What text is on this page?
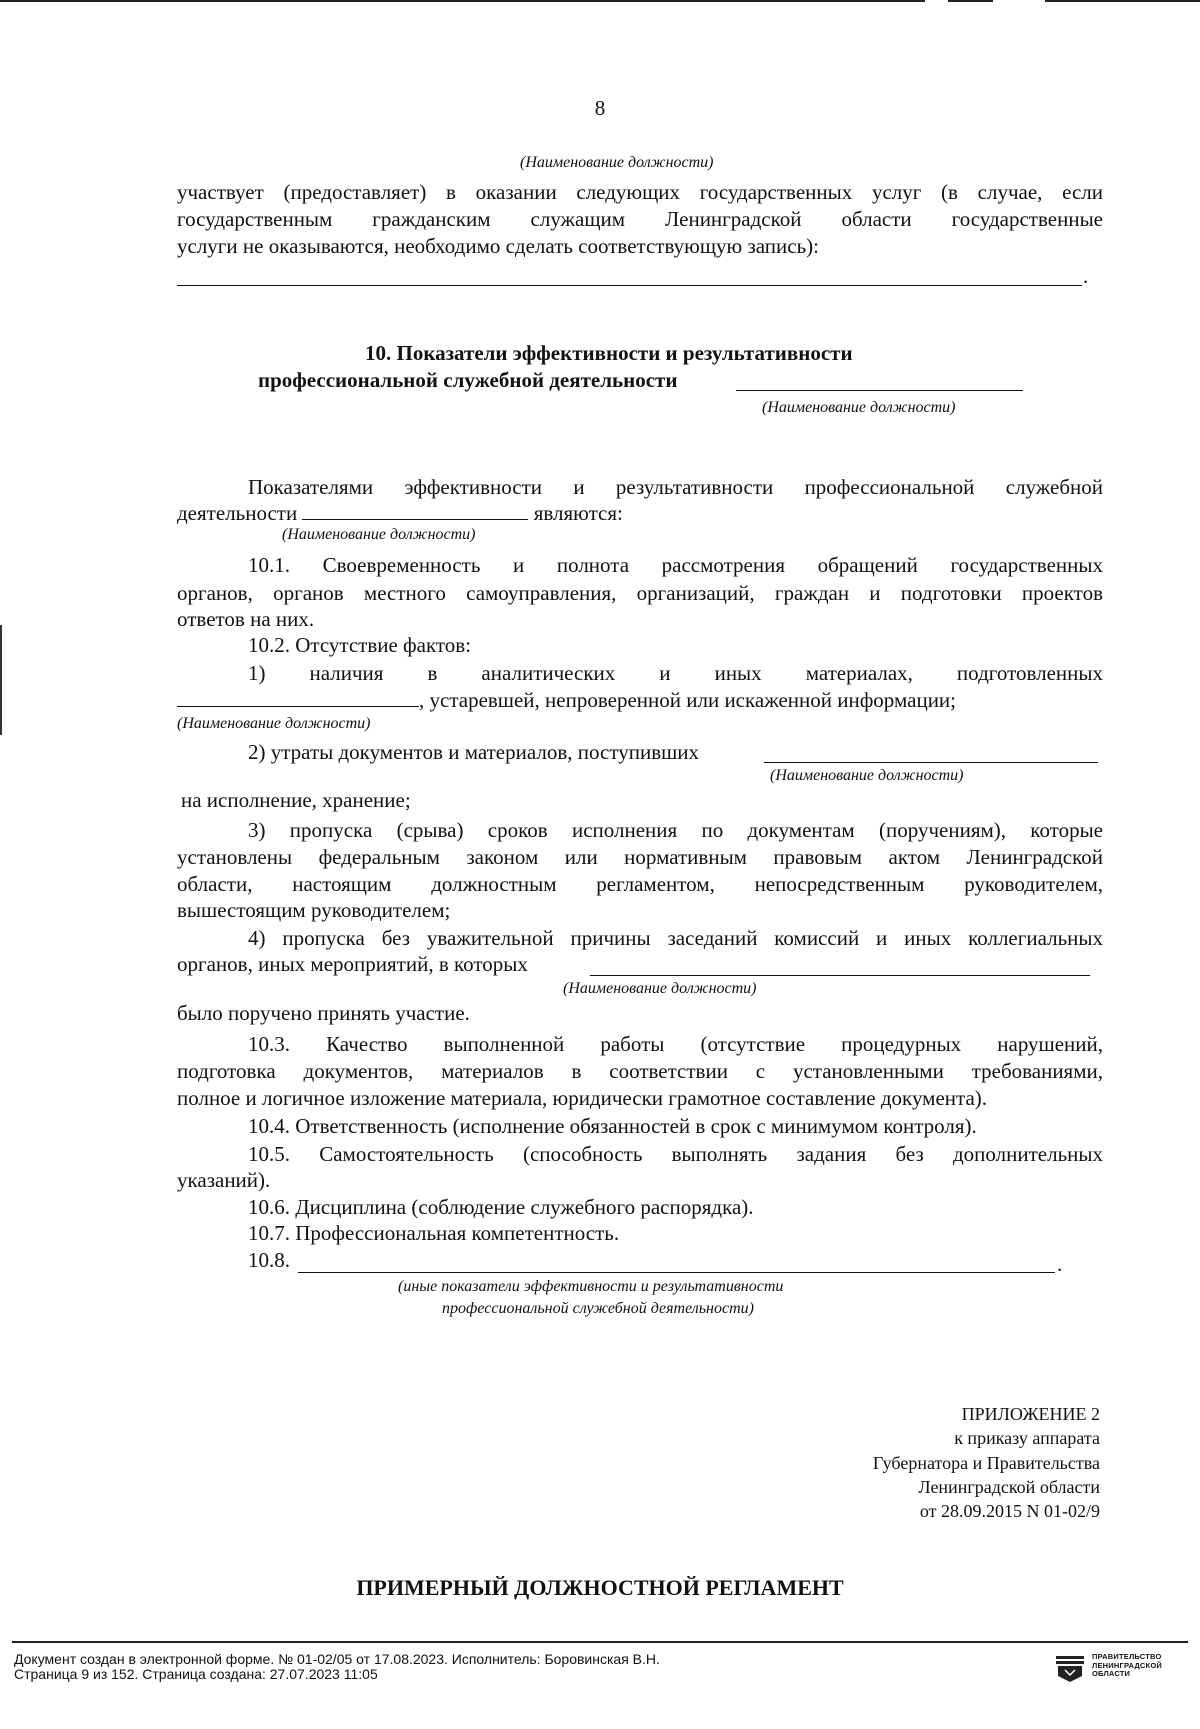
8
(Наименование должности)
участвует (предоставляет) в оказании следующих государственных услуг (в случае, если
государственным гражданским служащим Ленинградской области государственные
услуги не оказываются, необходимо сделать соответствующую запись):
.
10. Показатели эффективности и результативности
профессиональной служебной деятельности
(Наименование должности)
Показателями эффективности и результативности профессиональной служебной
деятельности	являются:
(Наименование должности)
10.1. Своевременность и полнота рассмотрения обращений государственных
органов, органов местного самоуправления, организаций, граждан и подготовки проектов
ответов на них.
10.2. Отсутствие фактов:
1) наличия в аналитических и иных материалах, подготовленных
, устаревшей, непроверенной или искаженной информации;
(Наименование должности)
2) утраты документов и материалов, поступивших
(Наименование должности)
на исполнение, хранение;
3) пропуска (срыва) сроков исполнения по документам (поручениям), которые
установлены федеральным законом или нормативным правовым актом Ленинградской
области, настоящим должностным регламентом, непосредственным руководителем,
вышестоящим руководителем;
4) пропуска без уважительной причины заседаний комиссий и иных коллегиальных
органов, иных мероприятий, в которых
(Наименование должности)
было поручено принять участие.
10.3. Качество выполненной работы (отсутствие процедурных нарушений,
подготовка документов, материалов в соответствии с установленными требованиями,
полное и логичное изложение материала, юридически грамотное составление документа).
10.4. Ответственность (исполнение обязанностей в срок с минимумом контроля).
10.5. Самостоятельность (способность выполнять задания без дополнительных
указаний).
10.6. Дисциплина (соблюдение служебного распорядка).
10.7. Профессиональная компетентность.
10.8.	.
(иные показатели эффективности и результативности
профессиональной служебной деятельности)
ПРИЛОЖЕНИЕ 2
к приказу аппарата
Губернатора и Правительства
Ленинградской области
от 28.09.2015 N 01-02/9
ПРИМЕРНЫЙ ДОЛЖНОСТНОЙ РЕГЛАМЕНТ
Документ создан в электронной форме. № 01-02/05 от 17.08.2023. Исполнитель: Боровинская В.Н.
Страница 9 из 152. Страница создана: 27.07.2023 11:05
ПРАВИТЕЛЬСТВО
ЛЕНИНГРАДСКОЙ
ОБЛАСТИ
